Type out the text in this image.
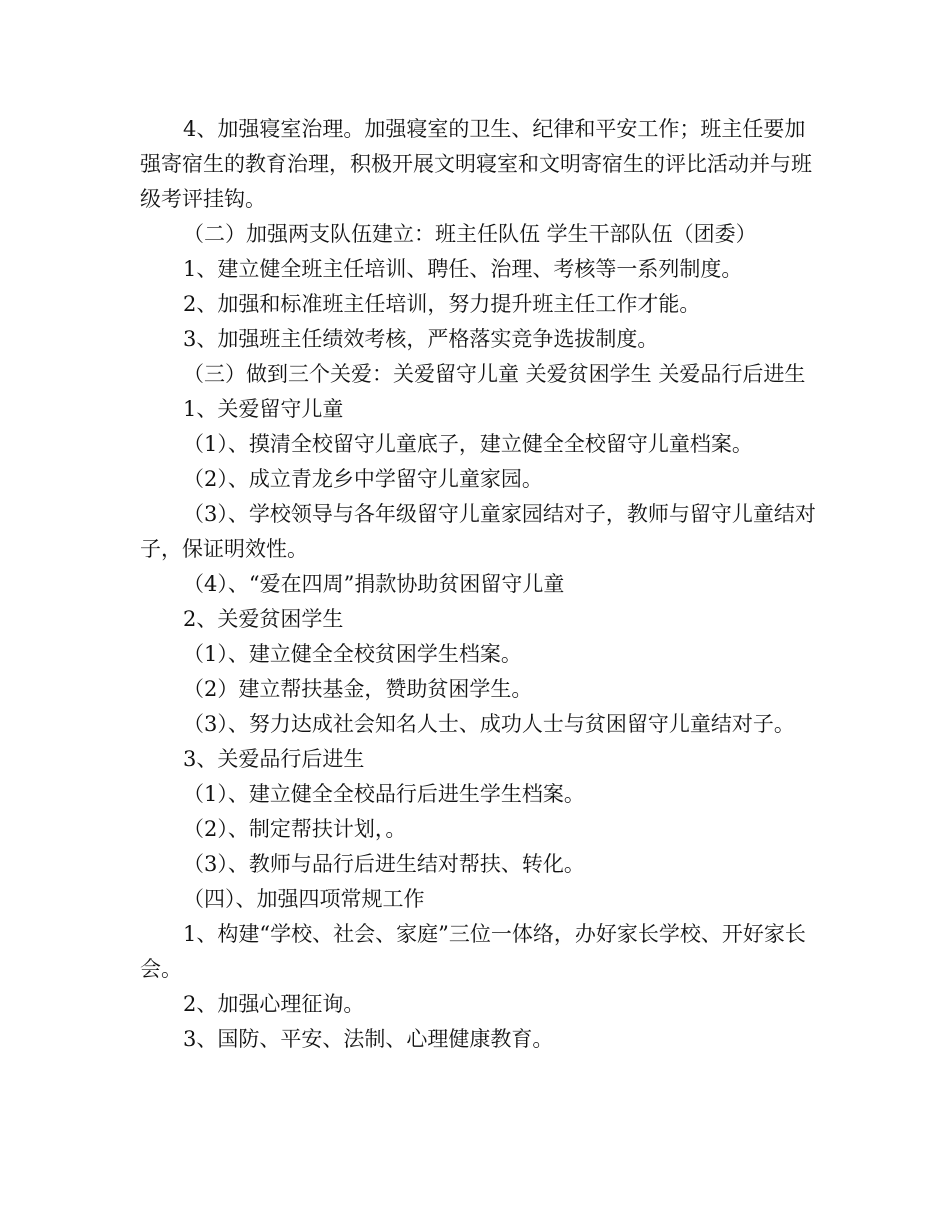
4、加强寝室治理。加强寝室的卫生、纪律和平安工作；班主任要加强寄宿生的教育治理，积极开展文明寝室和文明寄宿生的评比活动并与班级考评挂钩。

（二）加强两支队伍建立：班主任队伍 学生干部队伍（团委）

1、建立健全班主任培训、聘任、治理、考核等一系列制度。

2、加强和标准班主任培训，努力提升班主任工作才能。

3、加强班主任绩效考核，严格落实竞争选拔制度。

（三）做到三个关爱：关爱留守儿童 关爱贫困学生 关爱品行后进生

1、关爱留守儿童

（1）、摸清全校留守儿童底子，建立健全全校留守儿童档案。

（2）、成立青龙乡中学留守儿童家园。

（3）、学校领导与各年级留守儿童家园结对子，教师与留守儿童结对子，保证明效性。

（4）、“爱在四周”捐款协助贫困留守儿童

2、关爱贫困学生

（1）、建立健全全校贫困学生档案。

（2）建立帮扶基金，赞助贫困学生。

（3）、努力达成社会知名人士、成功人士与贫困留守儿童结对子。

3、关爱品行后进生

（1）、建立健全全校品行后进生学生档案。

（2）、制定帮扶计划，。

（3）、教师与品行后进生结对帮扶、转化。

（四）、加强四项常规工作

1、构建“学校、社会、家庭”三位一体络，办好家长学校、开好家长会。

2、加强心理征询。

3、国防、平安、法制、心理健康教育。
